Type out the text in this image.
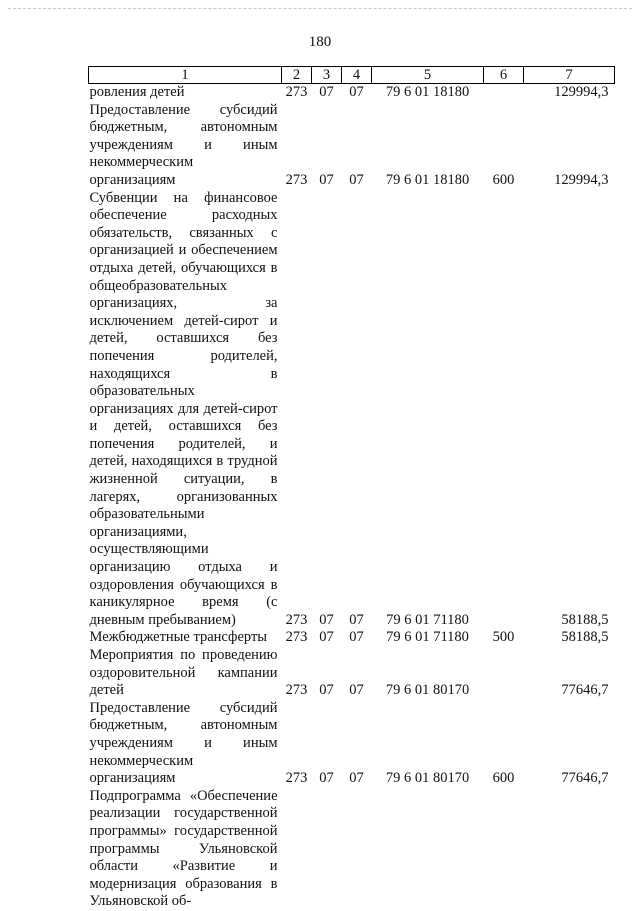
180
1	2	3	4	5	6	7
ровления детей	273	07	07	79 6 01 18180		129994,3
Предоставление субсидий бюджетным, автономным учреждениям и иным некоммерческим организациям	273	07	07	79 6 01 18180	600	129994,3
Субвенции на финансовое обеспечение расходных обязательств, связанных с организацией и обеспечением отдыха детей, обучающихся в общеобразовательных организациях, за исключением детей-сирот и детей, оставшихся без попечения родителей, находящихся в образовательных организациях для детей-сирот и детей, оставшихся без попечения родителей, и детей, находящихся в трудной жизненной ситуации, в лагерях, организованных образовательными организациями, осуществляющими организацию отдыха и оздоровления обучающихся в каникулярное время (с дневным пребыванием)	273	07	07	79 6 01 71180		58188,5
Межбюджетные трансферты	273	07	07	79 6 01 71180	500	58188,5
Мероприятия по проведению оздоровительной кампании детей	273	07	07	79 6 01 80170		77646,7
Предоставление субсидий бюджетным, автономным учреждениям и иным некоммерческим организациям	273	07	07	79 6 01 80170	600	77646,7
Подпрограмма «Обеспечение реализации государственной программы» государственной программы Ульяновской области «Развитие и модернизация образования в Ульяновской об-						
